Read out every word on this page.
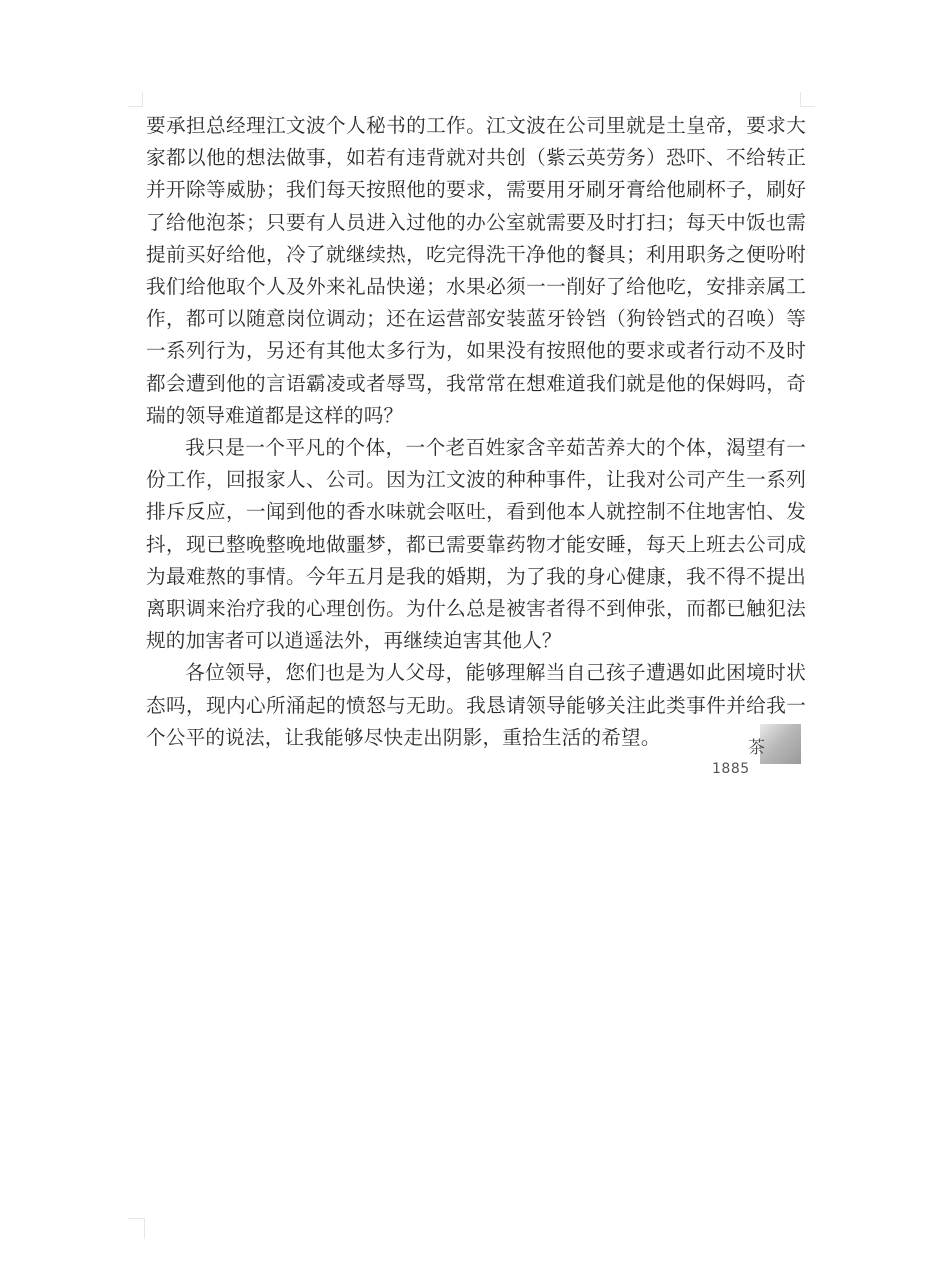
要承担总经理江文波个人秘书的工作。江文波在公司里就是土皇帝，要求大家都以他的想法做事，如若有违背就对共创（紫云英劳务）恐吓、不给转正并开除等威胁；我们每天按照他的要求，需要用牙刷牙膏给他刷杯子，刷好了给他泡茶；只要有人员进入过他的办公室就需要及时打扫；每天中饭也需提前买好给他，冷了就继续热，吃完得洗干净他的餐具；利用职务之便吩咐我们给他取个人及外来礼品快递；水果必须一一削好了给他吃，安排亲属工作，都可以随意岗位调动；还在运营部安装蓝牙铃铛（狗铃铛式的召唤）等一系列行为，另还有其他太多行为，如果没有按照他的要求或者行动不及时都会遭到他的言语霸凌或者辱骂，我常常在想难道我们就是他的保姆吗，奇瑞的领导难道都是这样的吗？

我只是一个平凡的个体，一个老百姓家含辛茹苦养大的个体，渴望有一份工作，回报家人、公司。因为江文波的种种事件，让我对公司产生一系列排斥反应，一闻到他的香水味就会呕吐，看到他本人就控制不住地害怕、发抖，现已整晚整晚地做噩梦，都已需要靠药物才能安睡，每天上班去公司成为最难熬的事情。今年五月是我的婚期，为了我的身心健康，我不得不提出离职调来治疗我的心理创伤。为什么总是被害者得不到伸张，而都已触犯法规的加害者可以逍遥法外，再继续迫害其他人？

各位领导，您们也是为人父母，能够理解当自己孩子遭遇如此困境时状态吗，现内心所涌起的愤怒与无助。我恳请领导能够关注此类事件并给我一个公平的说法，让我能够尽快走出阴影，重拾生活的希望。	茶
1885
